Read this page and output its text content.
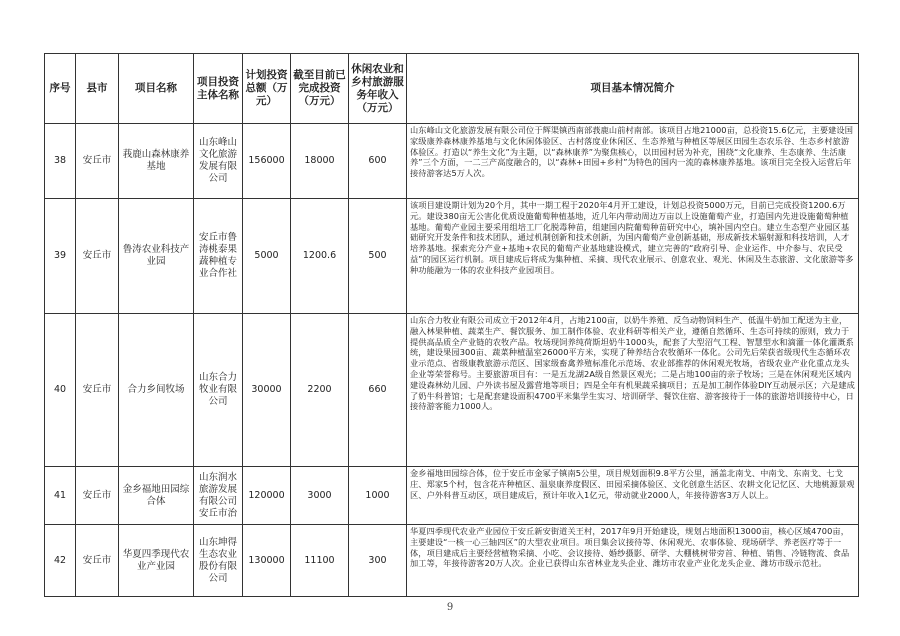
序号	县市	项目名称	项目投资主体名称	计划投资总额（万元）	截至目前已完成投资（万元）	休闲农业和乡村旅游服务年收入（万元）	项目基本情况简介
38	安丘市	莪鹿山森林康养基地	山东峰山文化旅游发展有限公司	156000	18000	600	山东峰山文化旅游发展有限公司位于辉渠镇西南部莪鹿山前村南部。该项目占地21000亩，总投资15.6亿元，主要建设国家级康养森林康养基地与文化休闲体验区、古村落度业休闲区、生态养殖与种植区等展区田园生态农乐谷、生态乡村旅游体验区。打造以“养生文化”为主题，以“森林康养”为聚焦核心，以田园村居为补充，围绕“文化康养、生态康养、生活康养”三个方面，一二三产高度融合的，以“森林+田园+乡村”为特色的国内一流的森林康养基地。该项目完全投入运营后年接待游客达5万人次。
39	安丘市	鲁涛农业科技产业园	安丘市鲁涛桃泰果蔬种植专业合作社	5000	1200.6	500	该项目建设期计划为20个月，其中一期工程于2020年4月开工建设，计划总投资5000万元，目前已完成投资1200.6万元。建设380亩无公害化优质设施葡萄种植基地，近几年内带动周边万亩以上设施葡萄产业，打造国内先进设施葡萄种植基地。葡萄产业园主要采用组培工厂化脱毒种苗，组建国内院葡萄种苗研究中心，填补国内空白。建立生态型产业园区基础研究开发条件和技术团队，通过机制创新和技术创新，为国内葡萄产业创新基础，形成新技术辐射源和科技培训，人才培养基地。探索充分产业+基地+农民的葡萄产业基地建设模式，建立完善的“政府引导、企业运作、中介参与、农民受益”的园区运行机制。项目建成后将成为集种植、采摘、现代农业展示、创意农业、观光、休闲及生态旅游、文化旅游等多种功能融为一体的农业科技产业园项目。
40	安丘市	合力乡间牧场	山东合力牧业有限公司	30000	2200	660	山东合力牧业有限公司成立于2012年4月，占地2100亩，以奶牛养殖、反刍动物饲料生产、低温牛奶加工配送为主业，融入林果种植、蔬菜生产、餐饮服务、加工制作体验、农业科研等相关产业，遵循自然循环、生态可持续的原则，致力于提供高品质全产业链的农牧产品。牧场现饲养纯荷斯坦奶牛1000头，配套了大型沼气工程、智慧型水和滴灌一体化灌溉系统，建设果园300亩、蔬菜种植温室26000平方米，实现了种养结合农牧循环一体化。公司先后荣获省级现代生态循环农业示范点、省级康教旅游示范区、国家级畜禽养殖标准化示范场、农业部推荐的休闲观光牧场，省级农业产业化重点龙头企业等荣誉称号。主要旅游项目有：一是五龙湖2A级自然景区观光；二是占地100亩的亲子牧场；三是在休闲观光区域内建设森林幼儿园、户外读书屋及露营地等项目；四是全年有机果蔬采摘项目；五是加工制作体验DIY互动展示区；六是建成了奶牛科普馆；七是配套建设面积4700平米集学生实习、培训研学、餐饮住宿、游客接待于一体的旅游培训接待中心，日接待游客能力1000人。
41	安丘市	金乡福地田园综合体	山东润水旅游发展有限公司安丘市治	120000	3000	1000	金乡福地田园综合体，位于安丘市金冢子镇南5公里，项目规划面积9.8平方公里，涵盖北南戈、中南戈、东南戈、七戈庄、郑家5个村，包含花卉种植区、温泉康养度假区、田园采摘体验区、文化创意生活区、农耕文化记忆区、大地桃源景观区、户外科普互动区，项目建成后，预计年收入1亿元，带动就业2000人，年接待游客3万人以上。
42	安丘市	华夏四季现代农业产业园	山东坤得生态农业股份有限公司	130000	11100	300	华夏四季现代农业产业园位于安丘新安街道关王村，2017年9月开始建设，规划占地面积13000亩，核心区域4700亩，主要建设“一核一心三轴四区”的大型农业项目。项目集会议接待等、休闲观光、农事体验、现场研学、养老医疗等于一体，项目建成后主要经营植物采摘、小吃、会议接待、婚纱摄影、研学、大棚桃树带旁首、种植、销售、冷链物流、食品加工等，年接待游客20万人次。企业已获得山东省林业龙头企业、潍坊市农业产业化龙头企业、潍坊市级示范社。
9
